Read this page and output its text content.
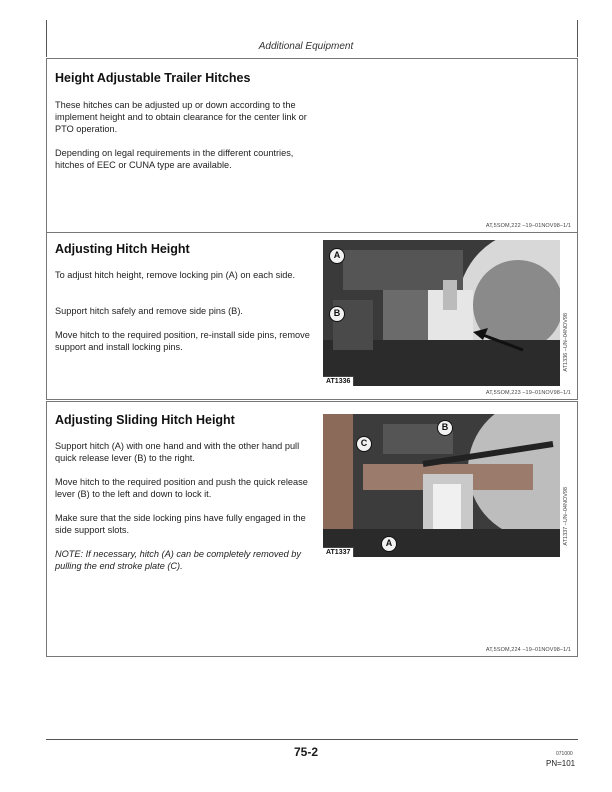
Additional Equipment
Height Adjustable Trailer Hitches

These hitches can be adjusted up or down according to the implement height and to obtain clearance for the center link or PTO operation.

Depending on legal requirements in the different countries, hitches of EEC or CUNA type are available.

AT,5SOM,222 –19–01NOV98–1/1
Adjusting Hitch Height

To adjust hitch height, remove locking pin (A) on each side.

Support hitch safely and remove side pins (B).

Move hitch to the required position, re-install side pins, remove support and install locking pins.

A
B
AT1336
AT1336 –UN–04NOV98
AT,5SOM,223 –19–01NOV98–1/1
Adjusting Sliding Hitch Height

Support hitch (A) with one hand and with the other hand pull quick release lever (B) to the right.

Move hitch to the required position and push the quick release lever (B) to the left and down to lock it.

Make sure that the side locking pins have fully engaged in the side support slots.

NOTE: If necessary, hitch (A) can be completely removed by pulling the end stroke plate (C).

B
C
A
AT1337
AT1337 –UN–04NOV98
AT,5SOM,224 –19–01NOV98–1/1
75-2	071000
PN=101
